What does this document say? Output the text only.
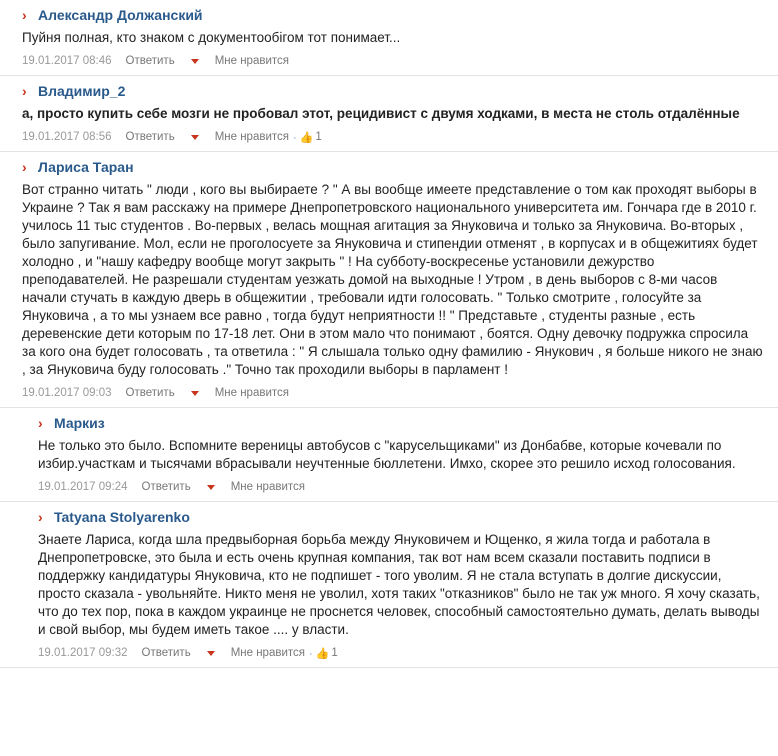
› Александр Должанский
Пуйня полная, кто знаком с документообігом тот понимает...
19.01.2017 08:46 Ответить	Мне нравится
› Владимир_2
а, просто купить себе мозги не пробовал этот, рецидивист с двумя ходками, в места не столь отдалённые
19.01.2017 08:56 Ответить	Мне нравится · 👍 1
› Лариса Таран
Вот странно читать " люди , кого вы выбираете ? " А вы вообще имеете представление о том как проходят выборы в Украине ? Так я вам расскажу на примере Днепропетровского национального университета им. Гончара где в 2010 г. училось 11 тыс студентов . Во-первых , велась мощная агитация за Януковича и только за Януковича. Во-вторых , было запугивание. Мол, если не проголосуете за Януковича и стипендии отменят , в корпусах и в общежитиях будет холодно , и "нашу кафедру вообще могут закрыть " ! На субботу-воскресенье установили дежурство преподавателей. Не разрешали студентам уезжать домой на выходные ! Утром , в день выборов с 8-ми часов начали стучать в каждую дверь в общежитии , требовали идти голосовать. " Только смотрите , голосуйте за Януковича , а то мы узнаем все равно , тогда будут неприятности !! " Представьте , студенты разные , есть деревенские дети которым по 17-18 лет. Они в этом мало что понимают , боятся. Одну девочку подружка спросила за кого она будет голосовать , та ответила : " Я слышала только одну фамилию - Янукович , я больше никого не знаю , за Януковича буду голосовать ." Точно так проходили выборы в парламент !
19.01.2017 09:03 Ответить	Мне нравится
› Маркиз
Не только это было. Вспомните вереницы автобусов с "карусельщиками" из Донбабве, которые кочевали по избир.участкам и тысячами вбрасывали неучтенные бюллетени. Имхо, скорее это решило исход голосования.
19.01.2017 09:24 Ответить	Мне нравится
› Tatyana Stolyarenko
Знаете Лариса, когда шла предвыборная борьба между Януковичем и Ющенко, я жила тогда и работала в Днепропетровске, это была и есть очень крупная компания, так вот нам всем сказали поставить подписи в поддержку кандидатуры Януковича, кто не подпишет - того уволим. Я не стала вступать в долгие дискуссии, просто сказала - увольняйте. Никто меня не уволил, хотя таких "отказников" было не так уж много. Я хочу сказать, что до тех пор, пока в каждом украинце не проснется человек, способный самостоятельно думать, делать выводы и свой выбор, мы будем иметь такое .... у власти.
19.01.2017 09:32 Ответить	Мне нравится · 👍 1
